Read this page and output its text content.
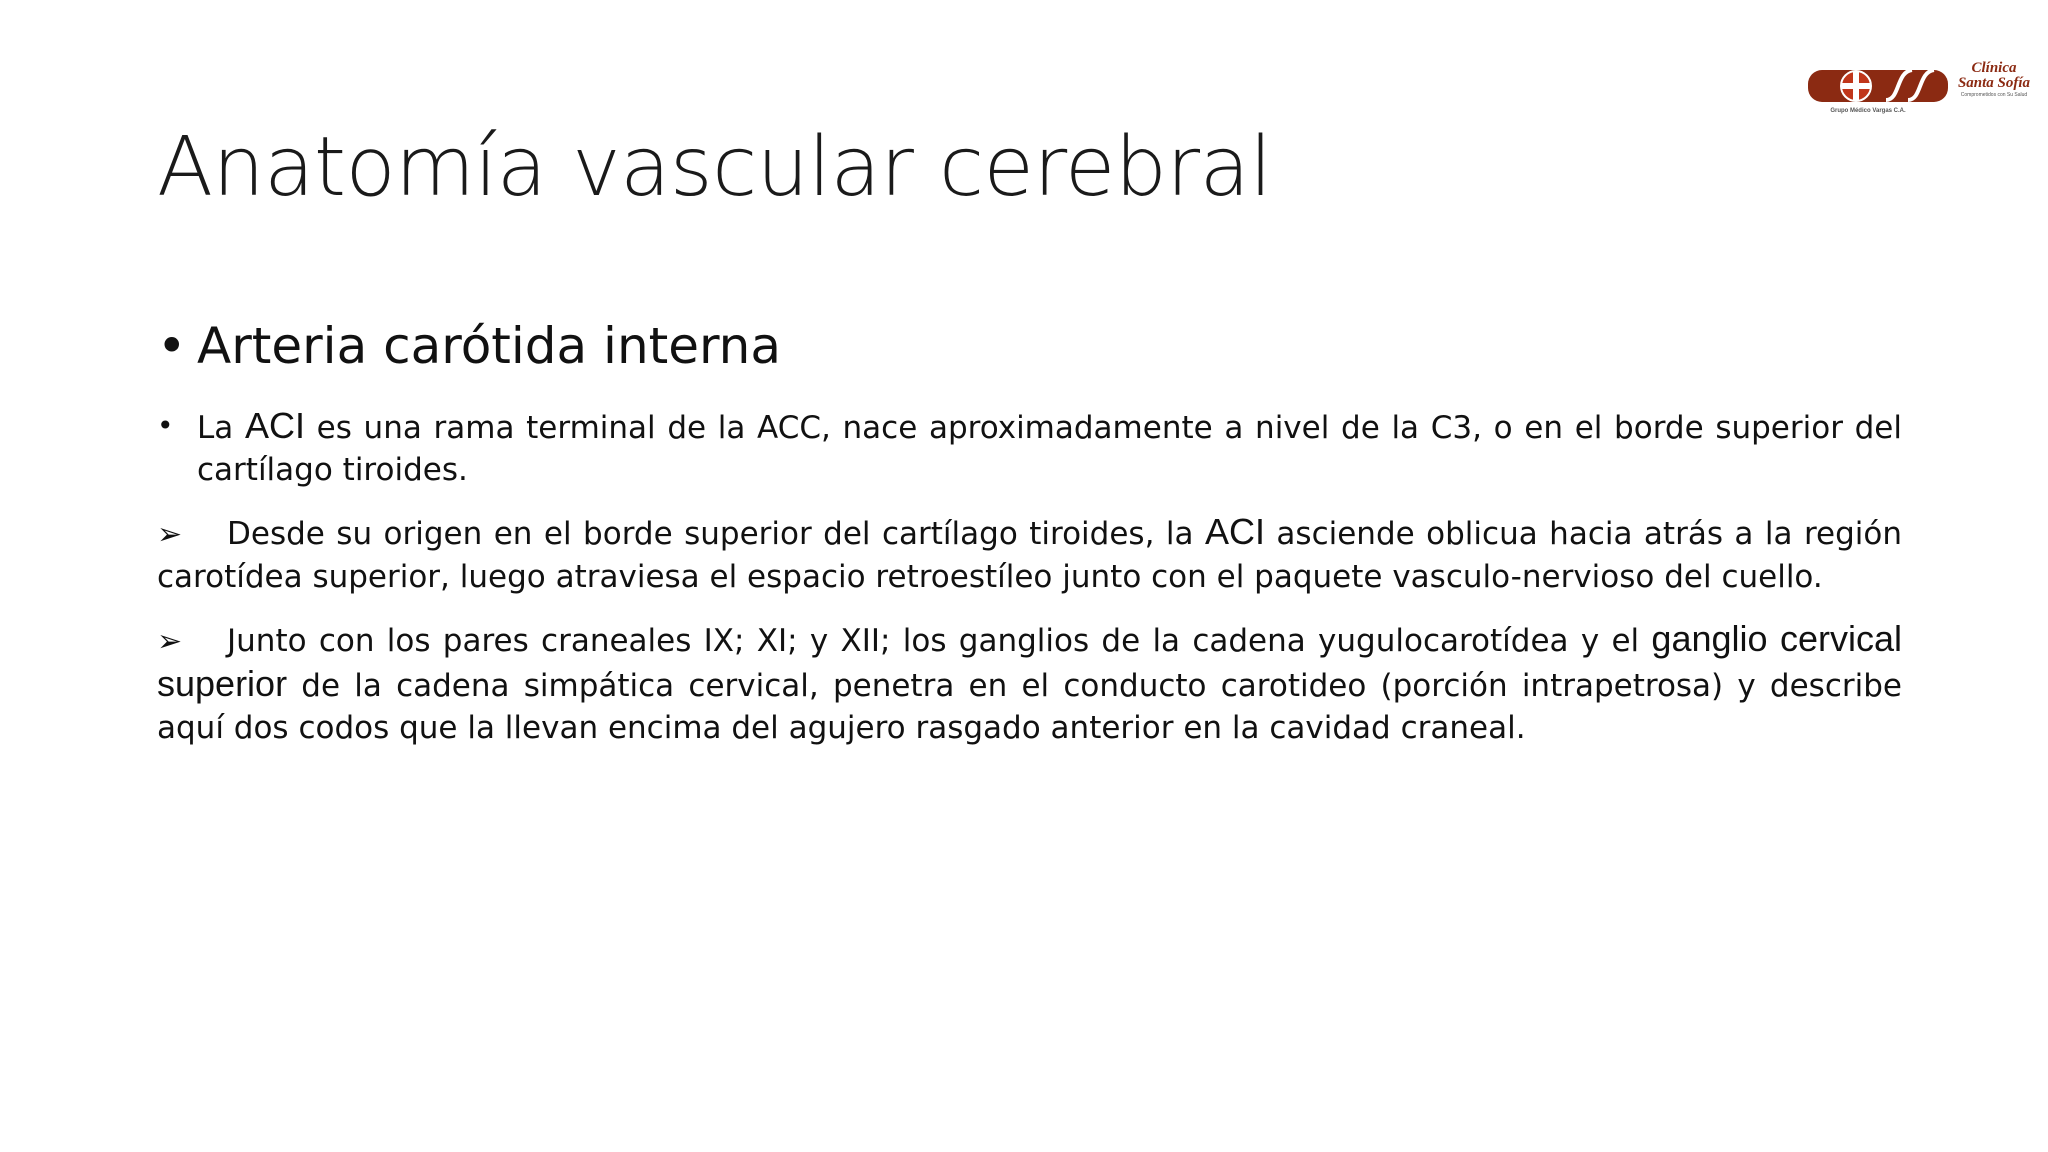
Anatomía vascular cerebral
Clínica
Santa Sofía
Comprometidos con Su Salud
Grupo Médico Vargas C.A.
• Arteria carótida interna
• La ACI es una rama terminal de la ACC, nace aproximadamente a nivel de la C3, o en el borde superior del cartílago tiroides.
➢ Desde su origen en el borde superior del cartílago tiroides, la ACI asciende oblicua hacia atrás a la región carotídea superior, luego atraviesa el espacio retroestíleo junto con el paquete vasculo-nervioso del cuello.
➢ Junto con los pares craneales IX; XI; y XII; los ganglios de la cadena yugulocarotídea y el ganglio cervical superior de la cadena simpática cervical, penetra en el conducto carotideo (porción intrapetrosa) y describe aquí dos codos que la llevan encima del agujero rasgado anterior en la cavidad craneal.
